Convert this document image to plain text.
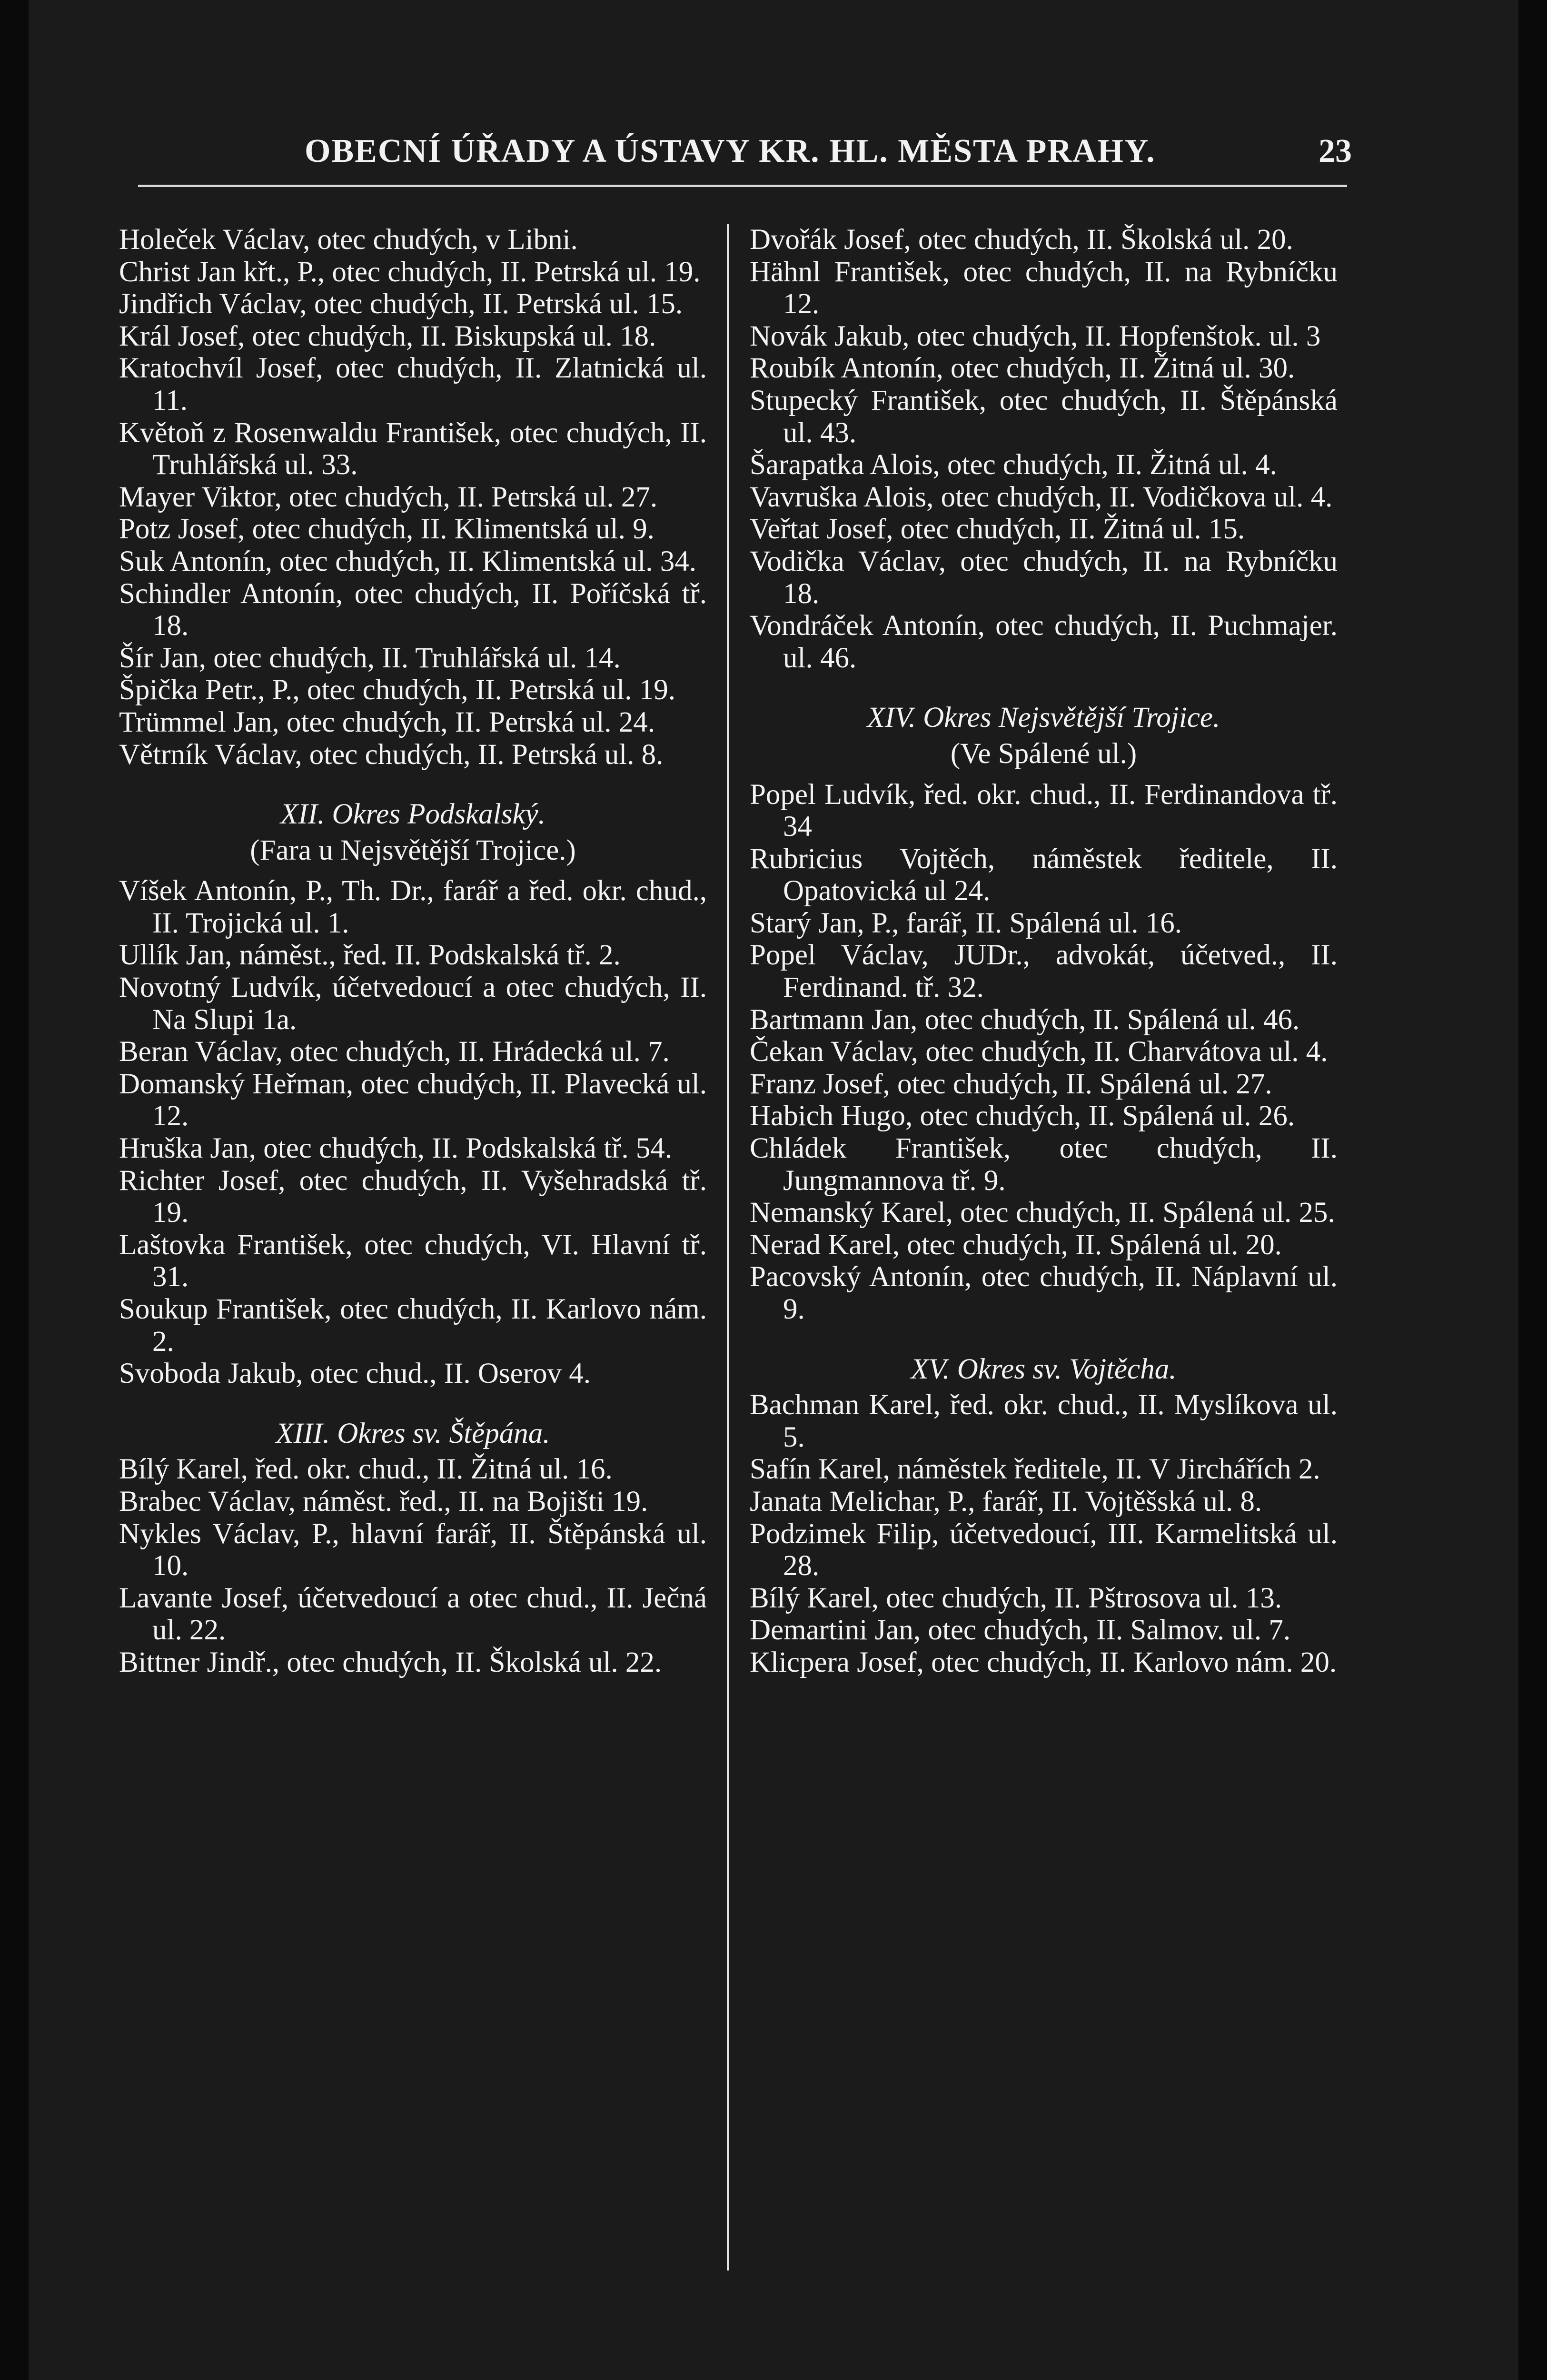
OBECNÍ ÚŘADY A ÚSTAVY KR. HL. MĚSTA PRAHY.	23

Holeček Václav, otec chudých, v Libni.

Christ Jan křt., P., otec chudých, II. Petrská ul. 19.

Jindřich Václav, otec chudých, II. Petrská ul. 15.

Král Josef, otec chudých, II. Biskupská ul. 18.

Kratochvíl Josef, otec chudých, II. Zlatnická ul. 11.

Květoň z Rosenwaldu František, otec chudých, II. Truhlářská ul. 33.

Mayer Viktor, otec chudých, II. Petrská ul. 27.

Potz Josef, otec chudých, II. Klimentská ul. 9.

Suk Antonín, otec chudých, II. Klimentská ul. 34.

Schindler Antonín, otec chudých, II. Poříčská tř. 18.

Šír Jan, otec chudých, II. Truhlářská ul. 14.

Špička Petr., P., otec chudých, II. Petrská ul. 19.

Trümmel Jan, otec chudých, II. Petrská ul. 24.

Větrník Václav, otec chudých, II. Petrská ul. 8.

XII. Okres Podskalský.
(Fara u Nejsvětější Trojice.)

Víšek Antonín, P., Th. Dr., farář a řed. okr. chud., II. Trojická ul. 1.

Ullík Jan, náměst., řed. II. Podskalská tř. 2.

Novotný Ludvík, účetvedoucí a otec chudých, II. Na Slupi 1a.

Beran Václav, otec chudých, II. Hrádecká ul. 7.

Domanský Heřman, otec chudých, II. Plavecká ul. 12.

Hruška Jan, otec chudých, II. Podskalská tř. 54.

Richter Josef, otec chudých, II. Vyšehradská tř. 19.

Laštovka František, otec chudých, VI. Hlavní tř. 31.

Soukup František, otec chudých, II. Karlovo nám. 2.

Svoboda Jakub, otec chud., II. Oserov 4.

XIII. Okres sv. Štěpána.

Bílý Karel, řed. okr. chud., II. Žitná ul. 16.

Brabec Václav, náměst. řed., II. na Bojišti 19.

Nykles Václav, P., hlavní farář, II. Štěpánská ul. 10.

Lavante Josef, účetvedoucí a otec chud., II. Ječná ul. 22.

Bittner Jindř., otec chudých, II. Školská ul. 22.

Dvořák Josef, otec chudých, II. Školská ul. 20.

Hähnl František, otec chudých, II. na Rybníčku 12.

Novák Jakub, otec chudých, II. Hopfenštok. ul. 3

Roubík Antonín, otec chudých, II. Žitná ul. 30.

Stupecký František, otec chudých, II. Štěpánská ul. 43.

Šarapatka Alois, otec chudých, II. Žitná ul. 4.

Vavruška Alois, otec chudých, II. Vodičkova ul. 4.

Veřtat Josef, otec chudých, II. Žitná ul. 15.

Vodička Václav, otec chudých, II. na Rybníčku 18.

Vondráček Antonín, otec chudých, II. Puchmajer. ul. 46.

XIV. Okres Nejsvětější Trojice.
(Ve Spálené ul.)

Popel Ludvík, řed. okr. chud., II. Ferdinandova tř. 34

Rubricius Vojtěch, náměstek ředitele, II. Opatovická ul 24.

Starý Jan, P., farář, II. Spálená ul. 16.

Popel Václav, JUDr., advokát, účetved., II. Ferdinand. tř. 32.

Bartmann Jan, otec chudých, II. Spálená ul. 46.

Čekan Václav, otec chudých, II. Charvátova ul. 4.

Franz Josef, otec chudých, II. Spálená ul. 27.

Habich Hugo, otec chudých, II. Spálená ul. 26.

Chládek František, otec chudých, II. Jungmannova tř. 9.

Nemanský Karel, otec chudých, II. Spálená ul. 25.

Nerad Karel, otec chudých, II. Spálená ul. 20.

Pacovský Antonín, otec chudých, II. Náplavní ul. 9.

XV. Okres sv. Vojtěcha.

Bachman Karel, řed. okr. chud., II. Myslíkova ul. 5.

Safín Karel, náměstek ředitele, II. V Jirchářích 2.

Janata Melichar, P., farář, II. Vojtěšská ul. 8.

Podzimek Filip, účetvedoucí, III. Karmelitská ul. 28.

Bílý Karel, otec chudých, II. Pštrosova ul. 13.

Demartini Jan, otec chudých, II. Salmov. ul. 7.

Klicpera Josef, otec chudých, II. Karlovo nám. 20.
